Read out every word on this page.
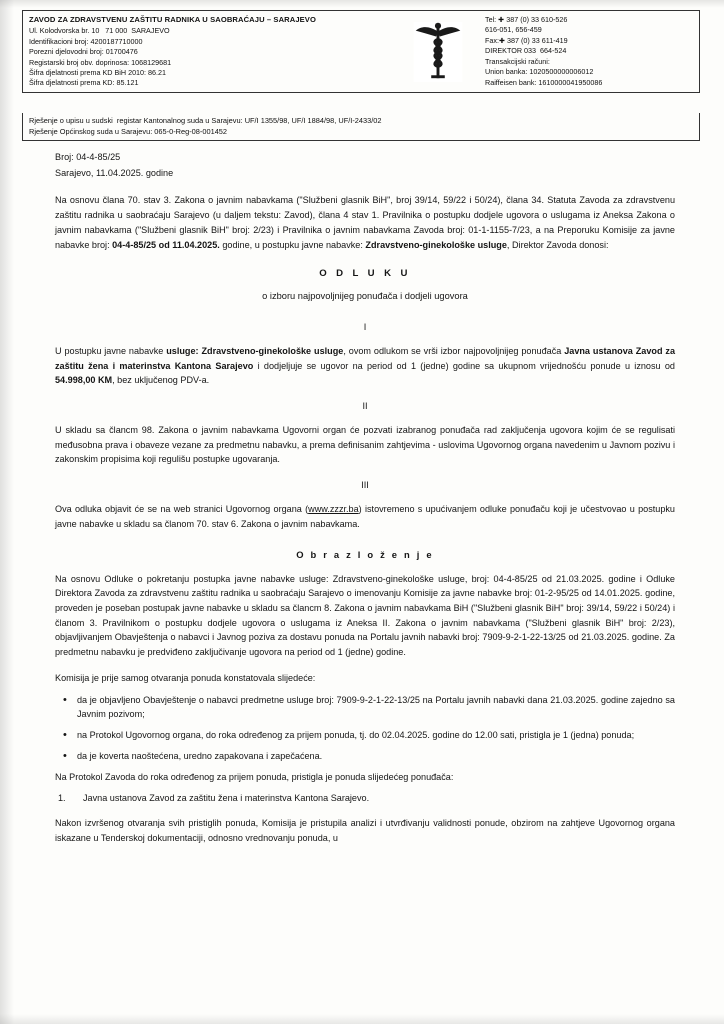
ZAVOD ZA ZDRAVSTVENU ZAŠTITU RADNIKA U SAOBRAĆAJU – SARAJEVO
Ul. Kolodvorska br. 10   71 000  SARAJEVO
Identifikacioni broj: 4200187710000
Porezni djelovodni broj: 01700476
Registarski broj obv. doprinosa: 1068129681
Šifra djelatnosti prema KD BiH 2010: 86.21
Šifra djelatnosti prema KD: 85.121
Tel: ✚ 387 (0) 33 610-526
616-051, 656-459
Fax:✚ 387 (0) 33 611-419
DIREKTOR 033  664-524
Transakcijski računi:
Union banka: 1020500000006012
Raiffeisen bank: 1610000041950086
Rješenje o upisu u sudski  registar Kantonalnog suda u Sarajevu: UF/I 1355/98, UF/I 1884/98, UF/I-2433/02
Rješenje Općinskog suda u Sarajevu: 065-0-Reg-08-001452
Broj: 04-4-85/25
Sarajevo, 11.04.2025. godine

Na osnovu člana 70. stav 3. Zakona o javnim nabavkama ("Službeni glasnik BiH", broj 39/14, 59/22 i 50/24), člana 34. Statuta Zavoda za zdravstvenu zaštitu radnika u saobraćaju Sarajevo (u daljem tekstu: Zavod), člana 4 stav 1. Pravilnika o postupku dodjele ugovora o uslugama iz Aneksa Zakona o javnim nabavkama ("Službeni glasnik BiH" broj: 2/23) i Pravilnika o javnim nabavkama Zavoda broj: 01-1-1155-7/23, a na Preporuku Komisije za javne nabavke broj: 04-4-85/25 od 11.04.2025. godine, u postupku javne nabavke: Zdravstveno-ginekološke usluge, Direktor Zavoda donosi:

O D L U K U
o izboru najpovoljnijeg ponuđača i dodjeli ugovora
I

U postupku javne nabavke usluge: Zdravstveno-ginekološke usluge, ovom odlukom se vrši izbor najpovoljnijeg ponuđača Javna ustanova Zavod za zaštitu žena i materinstva Kantona Sarajevo i dodjeljuje se ugovor na period od 1 (jedne) godine sa ukupnom vrijednošću ponude u iznosu od 54.998,00 KM, bez uključenog PDV-a.

II

U skladu sa člancm 98. Zakona o javnim nabavkama Ugovorni organ će pozvati izabranog ponuđača rad zaključenja ugovora kojim će se regulisati međusobna prava i obaveze vezane za predmetnu nabavku, a prema definisanim zahtjevima - uslovima Ugovornog organa navedenim u Javnom pozivu i zakonskim propisima koji regulišu postupke ugovaranja.

III

Ova odluka objavit će se na web stranici Ugovornog organa (www.zzzr.ba) istovremeno s upućivanjem odluke ponuđaču koji je učestvovao u postupku javne nabavke u skladu sa članom 70. stav 6. Zakona o javnim nabavkama.

O b r a z l o ž e n j e

Na osnovu Odluke o pokretanju postupka javne nabavke usluge: Zdravstveno-ginekološke usluge, broj: 04-4-85/25 od 21.03.2025. godine i Odluke Direktora Zavoda za zdravstvenu zaštitu radnika u saobraćaju Sarajevo o imenovanju Komisije za javne nabavke broj: 01-2-95/25 od 14.01.2025. godine, proveden je poseban postupak javne nabavke u skladu sa člancm 8. Zakona o javnim nabavkama BiH ("Službeni glasnik BiH" broj: 39/14, 59/22 i 50/24) i članom 3. Pravilnikom o postupku dodjele ugovora o uslugama iz Aneksa II. Zakona o javnim nabavkama ("Službeni glasnik BiH" broj: 2/23), objavljivanjem Obavještenja o nabavci i Javnog poziva za dostavu ponuda na Portalu javnih nabavki broj: 7909-9-2-1-22-13/25 od 21.03.2025. godine. Za predmetnu nabavku je predviđeno zaključivanje ugovora na period od 1 (jedne) godine.

Komisija je prije samog otvaranja ponuda konstatovala slijedeće:

• da je objavljeno Obavještenje o nabavci predmetne usluge broj: 7909-9-2-1-22-13/25 na Portalu javnih nabavki dana 21.03.2025. godine zajedno sa Javnim pozivom;
• na Protokol Ugovornog organa, do roka određenog za prijem ponuda, tj. do 02.04.2025. godine do 12.00 sati, pristigla je 1 (jedna) ponuda;
• da je koverta naoštećena, uredno zapakovana i zapečaćena.

Na Protokol Zavoda do roka određenog za prijem ponuda, pristigla je ponuda slijedećeg ponuđača:

1. Javna ustanova Zavod za zaštitu žena i materinstva Kantona Sarajevo.

Nakon izvršenog otvaranja svih pristiglih ponuda, Komisija je pristupila analizi i utvrđivanju validnosti ponude, obzirom na zahtjeve Ugovornog organa iskazane u Tenderskoj dokumentaciji, odnosno vrednovanju ponuda, u
